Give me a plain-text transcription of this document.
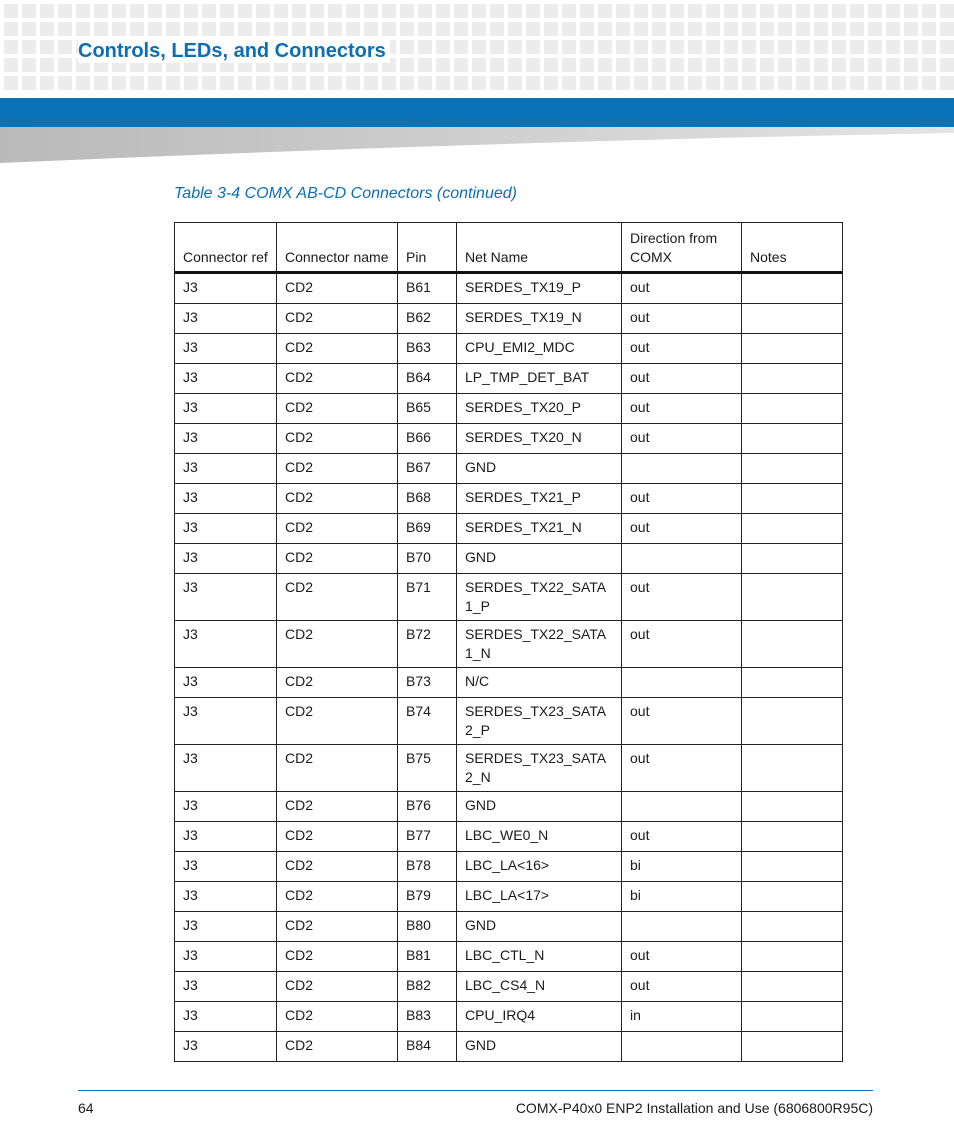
Controls, LEDs, and Connectors

Table 3-4 COMX AB-CD Connectors (continued)

Connector ref	Connector name	Pin	Net Name	Direction from COMX	Notes
J3	CD2	B61	SERDES_TX19_P	out	
J3	CD2	B62	SERDES_TX19_N	out	
J3	CD2	B63	CPU_EMI2_MDC	out	
J3	CD2	B64	LP_TMP_DET_BAT	out	
J3	CD2	B65	SERDES_TX20_P	out	
J3	CD2	B66	SERDES_TX20_N	out	
J3	CD2	B67	GND		
J3	CD2	B68	SERDES_TX21_P	out	
J3	CD2	B69	SERDES_TX21_N	out	
J3	CD2	B70	GND		
J3	CD2	B71	SERDES_TX22_SATA 1_P	out	
J3	CD2	B72	SERDES_TX22_SATA 1_N	out	
J3	CD2	B73	N/C		
J3	CD2	B74	SERDES_TX23_SATA 2_P	out	
J3	CD2	B75	SERDES_TX23_SATA 2_N	out	
J3	CD2	B76	GND		
J3	CD2	B77	LBC_WE0_N	out	
J3	CD2	B78	LBC_LA<16>	bi	
J3	CD2	B79	LBC_LA<17>	bi	
J3	CD2	B80	GND		
J3	CD2	B81	LBC_CTL_N	out	
J3	CD2	B82	LBC_CS4_N	out	
J3	CD2	B83	CPU_IRQ4	in	
J3	CD2	B84	GND		
64	COMX-P40x0 ENP2 Installation and Use (6806800R95C)
